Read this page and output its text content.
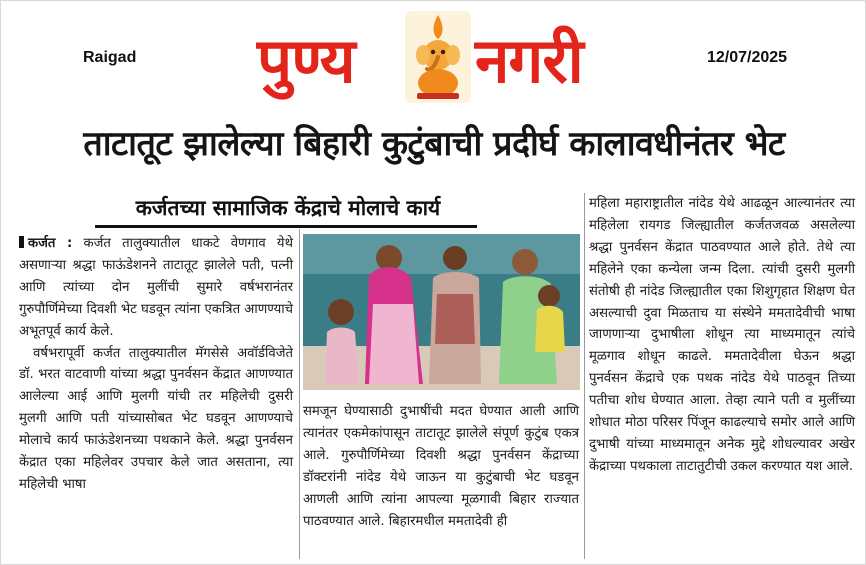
Raigad	12/07/2025
पुण्य नगरी
ताटातूट झालेल्या बिहारी कुटुंबाची प्रदीर्घ कालावधीनंतर भेट
कर्जतच्या सामाजिक केंद्राचे मोलाचे कार्य

कर्जत : कर्जत तालुक्यातील धाकटे वेणगाव येथे असणाऱ्या श्रद्धा फाऊंडेशनने ताटातूट झालेले पती, पत्नी आणि त्यांच्या दोन मुलींची सुमारे वर्षभरानंतर गुरुपौर्णिमेच्या दिवशी भेट घडवून त्यांना एकत्रित आणण्याचे अभूतपूर्व कार्य केले.

वर्षभरापूर्वी कर्जत तालुक्यातील मॅगसेसे अवॉर्डविजेते डॉ. भरत वाटवाणी यांच्या श्रद्धा पुनर्वसन केंद्रात आणण्यात आलेल्या आई आणि मुलगी यांची तर महिलेची दुसरी मुलगी आणि पती यांच्यासोबत भेट घडवून आणण्याचे मोलाचे कार्य फाऊंडेशनच्या पथकाने केले. श्रद्धा पुनर्वसन केंद्रात एका महिलेवर उपचार केले जात असताना, त्या महिलेची भाषा

समजून घेण्यासाठी दुभाषींची मदत घेण्यात आली आणि त्यानंतर एकमेकांपासून ताटातूट झालेले संपूर्ण कुटुंब एकत्र आले. गुरुपौर्णिमेच्या दिवशी श्रद्धा पुनर्वसन केंद्राच्या डॉक्टरांनी नांदेड येथे जाऊन या कुटुंबाची भेट घडवून आणली आणि त्यांना आपल्या मूळगावी बिहार राज्यात पाठवण्यात आले. बिहारमधील ममतादेवी ही

महिला महाराष्ट्रातील नांदेड येथे आढळून आल्यानंतर त्या महिलेला रायगड जिल्ह्यातील कर्जतजवळ असलेल्या श्रद्धा पुनर्वसन केंद्रात पाठवण्यात आले होते. तेथे त्या महिलेने एका कन्येला जन्म दिला. त्यांची दुसरी मुलगी संतोषी ही नांदेड जिल्ह्यातील एका शिशुगृहात शिक्षण घेत असल्याची दुवा मिळताच या संस्थेने ममतादेवीची भाषा जाणणाऱ्या दुभाषीला शोधून त्या माध्यमातून त्यांचे मूळगाव शोधून काढले. ममतादेवीला घेऊन श्रद्धा पुनर्वसन केंद्राचे एक पथक नांदेड येथे पाठवून तिच्या पतीचा शोध घेण्यात आला. तेव्हा त्याने पती व मुलींच्या शोधात मोठा परिसर पिंजून काढल्याचे समोर आले आणि दुभाषी यांच्या माध्यमातून अनेक मुद्दे शोधल्यावर अखेर केंद्राच्या पथकाला ताटातुटीची उकल करण्यात यश आले.
